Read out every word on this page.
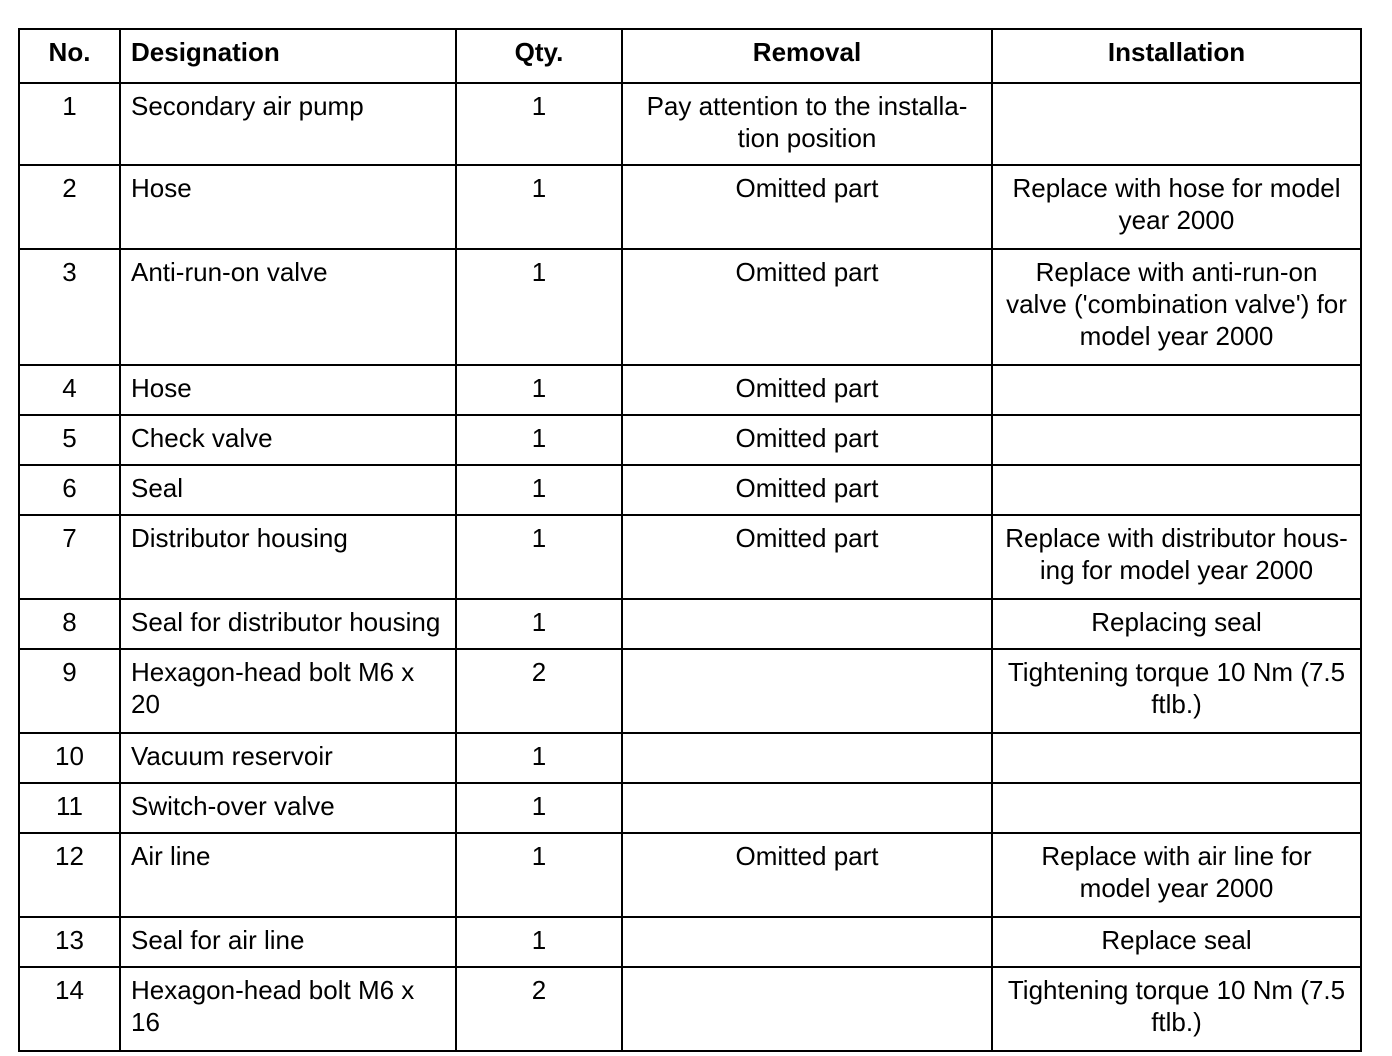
No.	Designation	Qty.	Removal	Installation
1	Secondary air pump	1	Pay attention to the installa-tion position	
2	Hose	1	Omitted part	Replace with hose for model year 2000
3	Anti-run-on valve	1	Omitted part	Replace with anti-run-on valve ('combination valve') for model year 2000
4	Hose	1	Omitted part	
5	Check valve	1	Omitted part	
6	Seal	1	Omitted part	
7	Distributor housing	1	Omitted part	Replace with distributor hous-ing for model year 2000
8	Seal for distributor housing	1		Replacing seal
9	Hexagon-head bolt M6 x 20	2		Tightening torque 10 Nm (7.5 ftlb.)
10	Vacuum reservoir	1		
11	Switch-over valve	1		
12	Air line	1	Omitted part	Replace with air line for model year 2000
13	Seal for air line	1		Replace seal
14	Hexagon-head bolt M6 x 16	2		Tightening torque 10 Nm (7.5 ftlb.)
